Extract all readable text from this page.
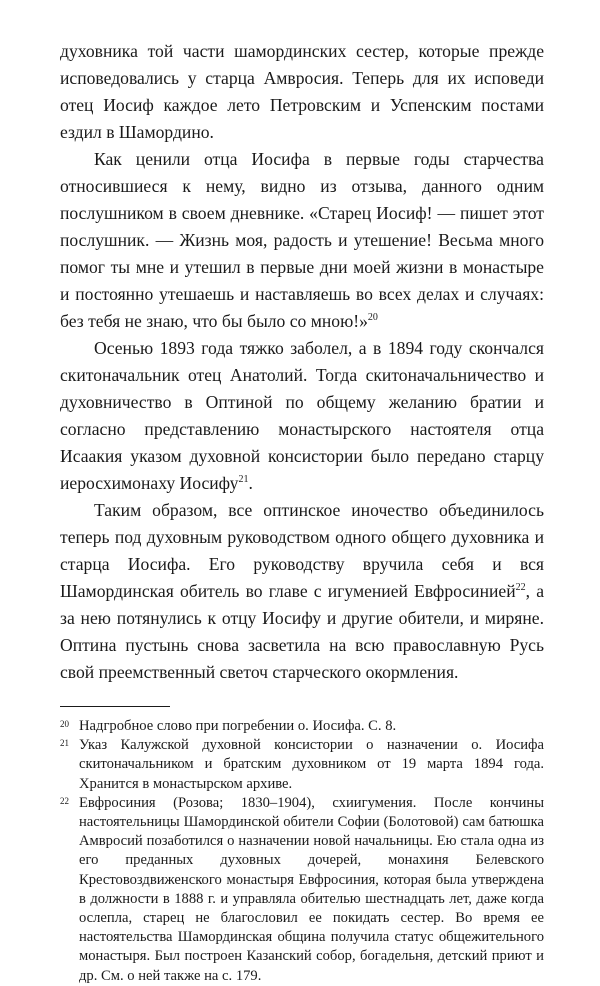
духовника той части шамординских сестер, которые прежде исповедовались у старца Амвросия. Теперь для их исповеди отец Иосиф каждое лето Петровским и Успенским постами ездил в Шамордино.

Как ценили отца Иосифа в первые годы старчества относившиеся к нему, видно из отзыва, данного одним послушником в своем дневнике. «Старец Иосиф! — пишет этот послушник. — Жизнь моя, радость и утешение! Весьма много помог ты мне и утешил в первые дни моей жизни в монастыре и постоянно утешаешь и наставляешь во всех делах и случаях: без тебя не знаю, что бы было со мною!»$^{20}$

Осенью 1893 года тяжко заболел, а в 1894 году скончался скитоначальник отец Анатолий. Тогда скитоначальничество и духовничество в Оптиной по общему желанию братии и согласно представлению монастырского настоятеля отца Исаакия указом духовной консистории было передано старцу иеросхимонаху Иосифу$^{21}$.

Таким образом, все оптинское иночество объединилось теперь под духовным руководством одного общего духовника и старца Иосифа. Его руководству вручила себя и вся Шамординская обитель во главе с игуменией Евфросинией$^{22}$, а за нею потянулись к отцу Иосифу и другие обители, и миряне. Оптина пустынь снова засветила на всю православную Русь свой преемственный светоч старческого окормления.

20 Надгробное слово при погребении о. Иосифа. С. 8.
21 Указ Калужской духовной консистории о назначении о. Иосифа скитоначальником и братским духовником от 19 марта 1894 года. Хранится в монастырском архиве.
22 Евфросиния (Розова; 1830–1904), схиигумения. После кончины настоятельницы Шамординской обители Софии (Болотовой) сам батюшка Амвросий позаботился о назначении новой начальницы. Ею стала одна из его преданных духовных дочерей, монахиня Белевского Крестовоздвиженского монастыря Евфросиния, которая была утверждена в должности в 1888 г. и управляла обителью шестнадцать лет, даже когда ослепла, старец не благословил ее покидать сестер. Во время ее настоятельства Шамординская община получила статус общежительного монастыря. Был построен Казанский собор, богадельня, детский приют и др. См. о ней также на с. 179.
